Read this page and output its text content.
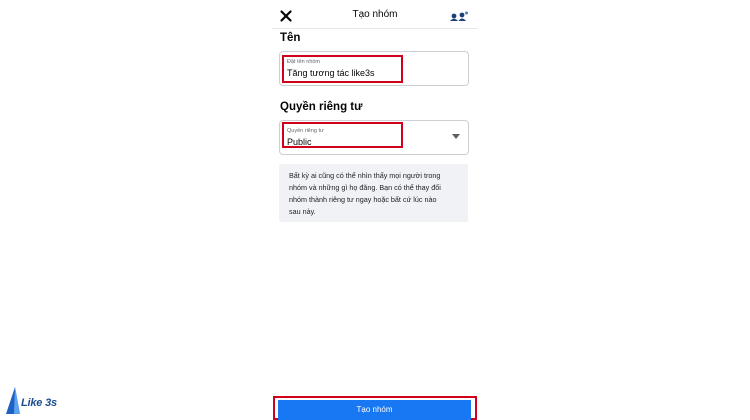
Tạo nhóm
Tên
Đặt tên nhóm
Tăng tương tác like3s
Quyền riêng tư
Quyền riêng tư
Public
Bất kỳ ai cũng có thể nhìn thấy mọi người trong
nhóm và những gì họ đăng. Bạn có thể thay đổi
nhóm thành riêng tư ngay hoặc bất cứ lúc nào
sau này.
Tạo nhóm
Like 3s
